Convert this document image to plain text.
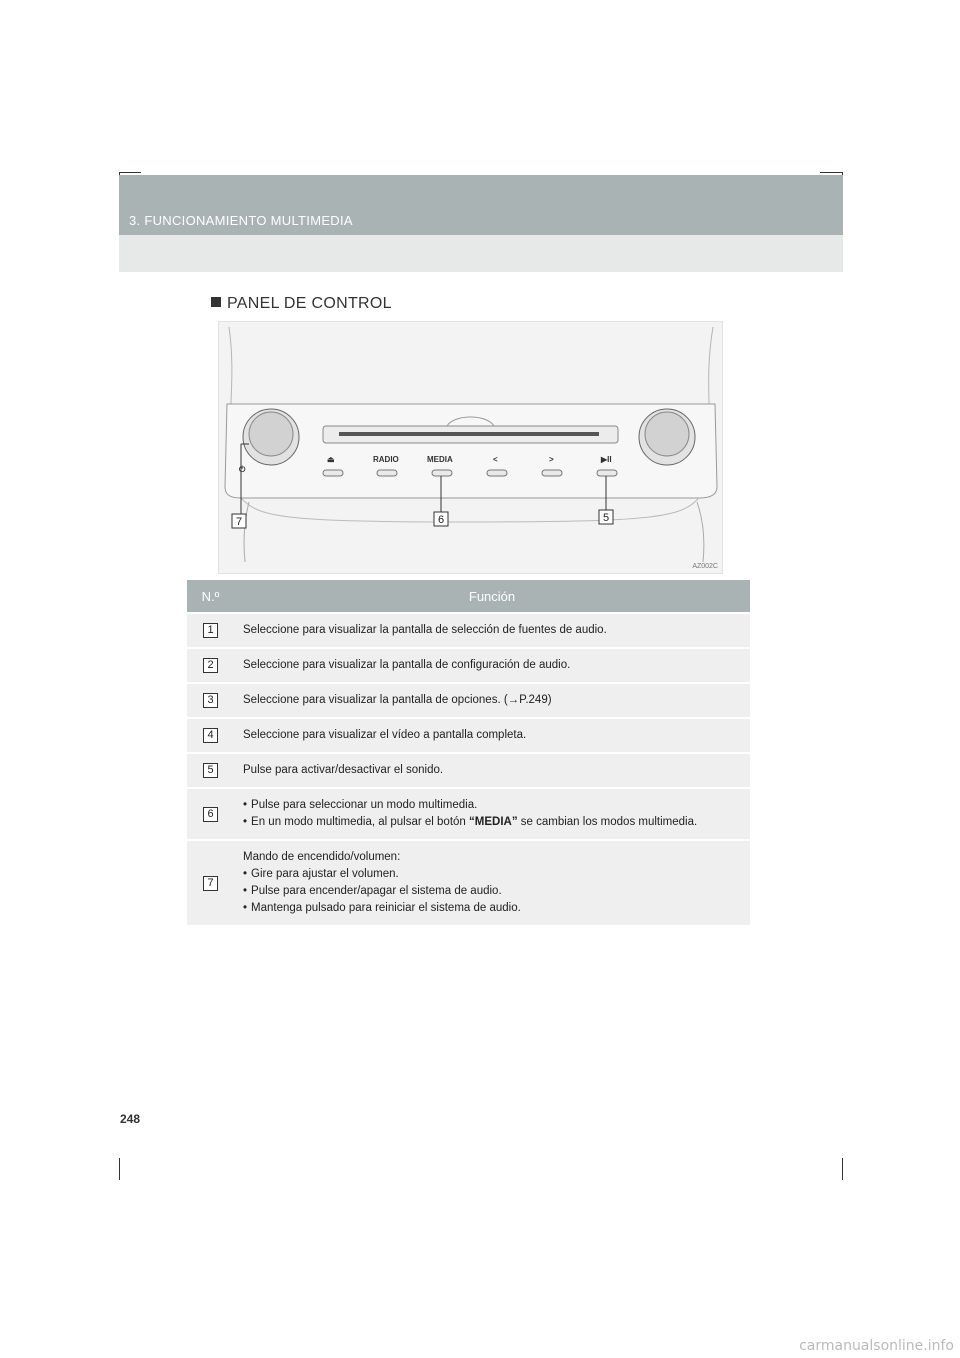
3. FUNCIONAMIENTO MULTIMEDIA
PANEL DE CONTROL
⏻
⏏	RADIO	MEDIA	<	>	▶II
7	6	5
AZ002C
N.º	Función
1	Seleccione para visualizar la pantalla de selección de fuentes de audio.
2	Seleccione para visualizar la pantalla de configuración de audio.
3	Seleccione para visualizar la pantalla de opciones. (→P.249)
4	Seleccione para visualizar el vídeo a pantalla completa.
5	Pulse para activar/desactivar el sonido.
6	• Pulse para seleccionar un modo multimedia.
• En un modo multimedia, al pulsar el botón “MEDIA” se cambian los modos multimedia.

7	Mando de encendido/volumen:
• Gire para ajustar el volumen.
• Pulse para encender/apagar el sistema de audio.
• Mantenga pulsado para reiniciar el sistema de audio.
248
carmanualsonline.info
